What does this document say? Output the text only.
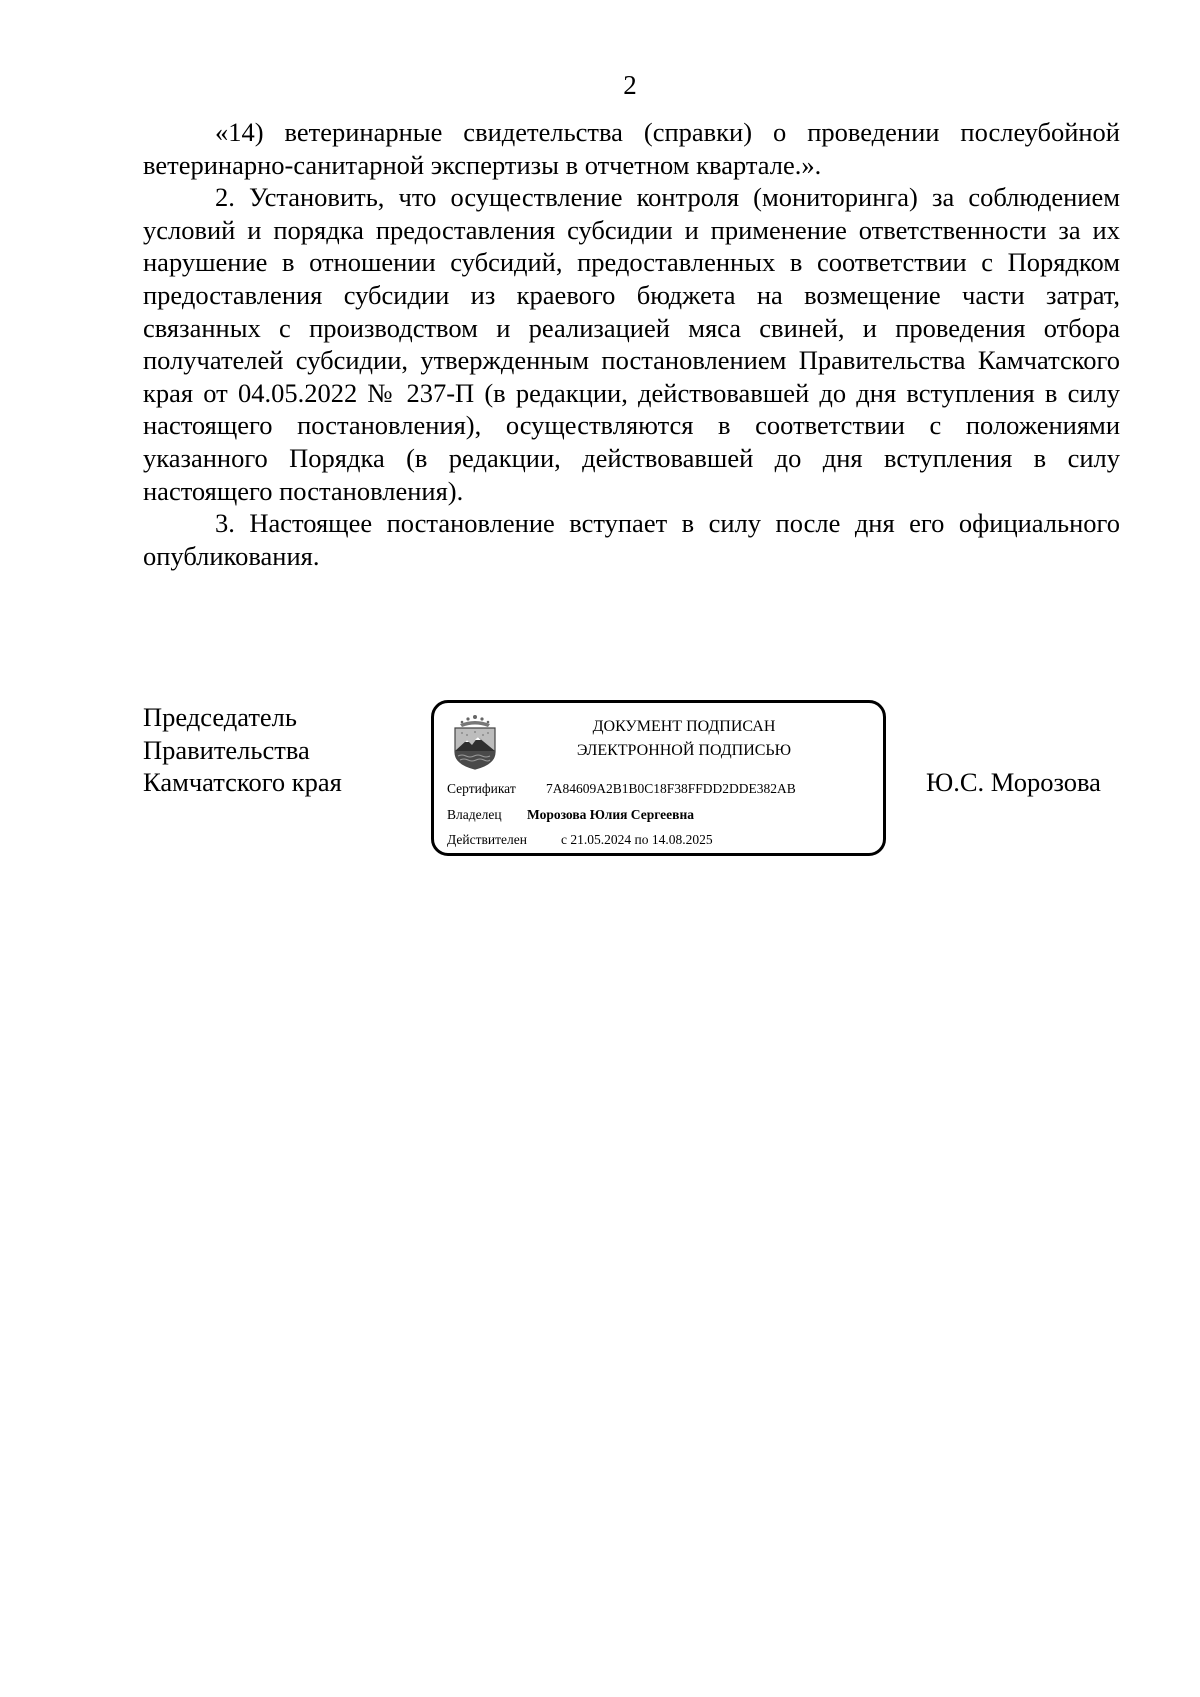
2

«14) ветеринарные свидетельства (справки) о проведении послеубойной ветеринарно-санитарной экспертизы в отчетном квартале.».

2. Установить, что осуществление контроля (мониторинга) за соблюдением условий и порядка предоставления субсидии и применение ответственности за их нарушение в отношении субсидий, предоставленных в соответствии с Порядком предоставления субсидии из краевого бюджета на возмещение части затрат, связанных с производством и реализацией мяса свиней, и проведения отбора получателей субсидии, утвержденным постановлением Правительства Камчатского края от 04.05.2022 № 237-П (в редакции, действовавшей до дня вступления в силу настоящего постановления), осуществляются в соответствии с положениями указанного Порядка (в редакции, действовавшей до дня вступления в силу настоящего постановления).

3. Настоящее постановление вступает в силу после дня его официального опубликования.

Председатель
Правительства
Камчатского края
ДОКУМЕНТ ПОДПИСАН
ЭЛЕКТРОННОЙ ПОДПИСЬЮ
Сертификат 7A84609A2B1B0C18F38FFDD2DDE382AB
Владелец Морозова Юлия Сергеевна
Действителен	с 21.05.2024 по 14.08.2025
Ю.С. Морозова
